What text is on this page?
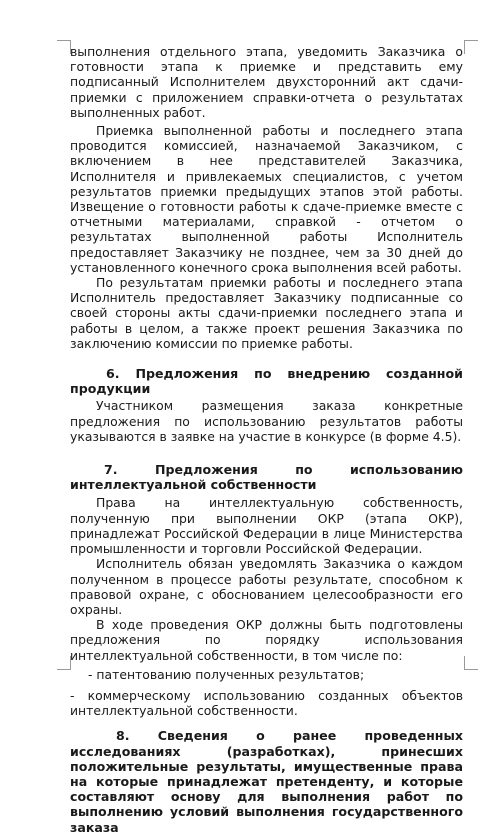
выполнения отдельного этапа, уведомить Заказчика о готовности этапа к приемке и представить ему подписанный Исполнителем двухсторонний акт сдачи-приемки с приложением справки-отчета о результатах выполненных работ.

Приемка выполненной работы и последнего этапа проводится комиссией, назначаемой Заказчиком, с включением в нее представителей Заказчика, Исполнителя и привлекаемых специалистов, с учетом результатов приемки предыдущих этапов этой работы. Извещение о готовности работы к сдаче-приемке вместе с отчетными материалами, справкой - отчетом о результатах выполненной работы Исполнитель предоставляет Заказчику не позднее, чем за 30 дней до установленного конечного срока выполнения всей работы.

По результатам приемки работы и последнего этапа Исполнитель предоставляет Заказчику подписанные со своей стороны акты сдачи-приемки последнего этапа и работы в целом, а также проект решения Заказчика по заключению комиссии по приемке работы.

6. Предложения по внедрению созданной продукции

Участником размещения заказа конкретные предложения по использованию результатов работы указываются в заявке на участие в конкурсе (в форме 4.5).

7. Предложения по использованию интеллектуальной собственности

Права на интеллектуальную собственность, полученную при выполнении ОКР (этапа ОКР), принадлежат Российской Федерации в лице Министерства промышленности и торговли Российской Федерации.

Исполнитель обязан уведомлять Заказчика о каждом полученном в процессе работы результате, способном к правовой охране, с обоснованием целесообразности его охраны.

В ходе проведения ОКР должны быть подготовлены предложения по порядку использования интеллектуальной собственности, в том числе по:

- патентованию полученных результатов;

- коммерческому использованию созданных объектов интеллектуальной собственности.

8. Сведения о ранее проведенных исследованиях (разработках), принесших положительные результаты, имущественные права на которые принадлежат претенденту, и которые составляют основу для выполнения работ по выполнению условий выполнения государственного заказа
